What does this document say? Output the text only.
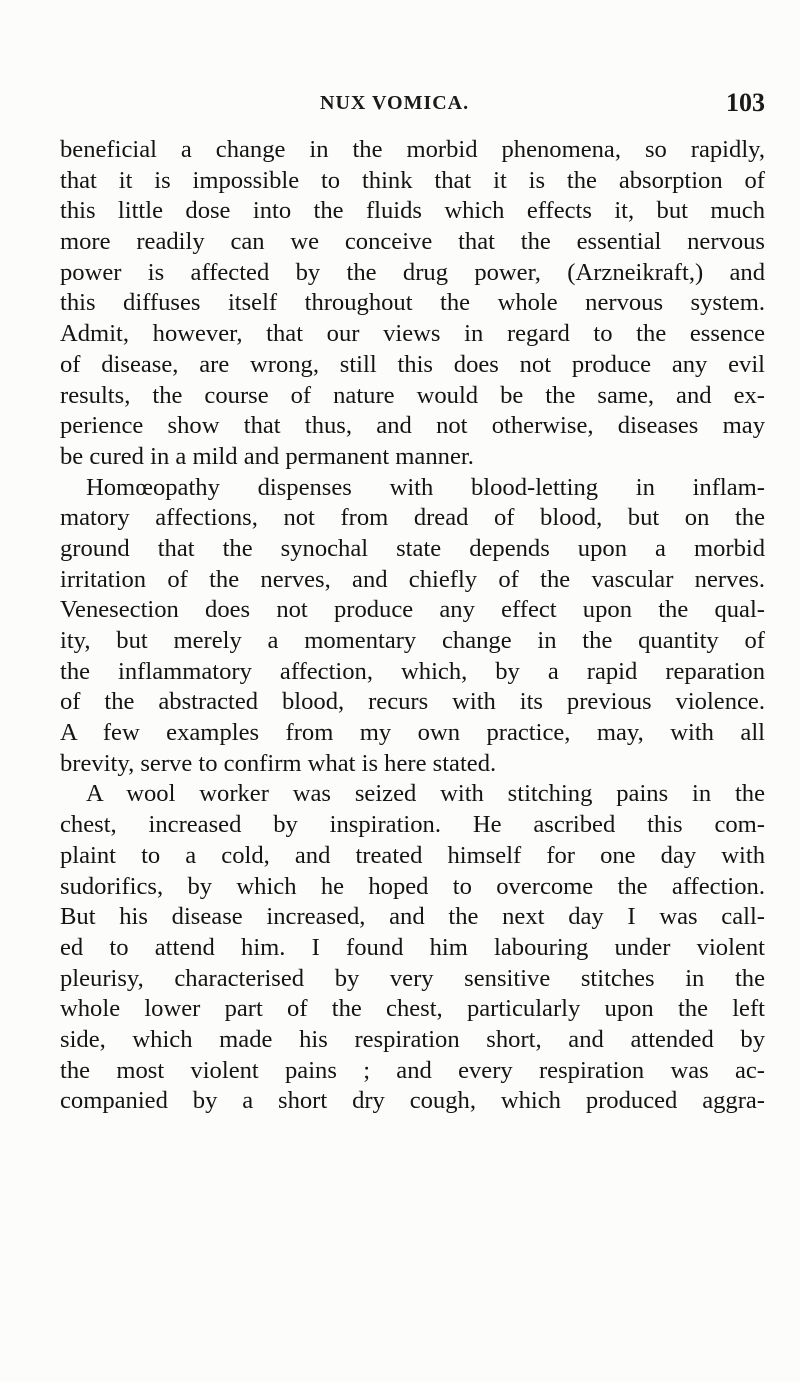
NUX VOMICA.	103
beneficial a change in the morbid phenomena, so rapidly,
that it is impossible to think that it is the absorption of
this little dose into the fluids which effects it, but much
more readily can we conceive that the essential nervous
power is affected by the drug power, (Arzneikraft,) and
this diffuses itself throughout the whole nervous system.
Admit, however, that our views in regard to the essence
of disease, are wrong, still this does not produce any evil
results, the course of nature would be the same, and ex-
perience show that thus, and not otherwise, diseases may
be cured in a mild and permanent manner.
Homœopathy dispenses with blood-letting in inflam-
matory affections, not from dread of blood, but on the
ground that the synochal state depends upon a morbid
irritation of the nerves, and chiefly of the vascular nerves.
Venesection does not produce any effect upon the qual-
ity, but merely a momentary change in the quantity of
the inflammatory affection, which, by a rapid reparation
of the abstracted blood, recurs with its previous violence.
A few examples from my own practice, may, with all
brevity, serve to confirm what is here stated.
A wool worker was seized with stitching pains in the
chest, increased by inspiration. He ascribed this com-
plaint to a cold, and treated himself for one day with
sudorifics, by which he hoped to overcome the affection.
But his disease increased, and the next day I was call-
ed to attend him. I found him labouring under violent
pleurisy, characterised by very sensitive stitches in the
whole lower part of the chest, particularly upon the left
side, which made his respiration short, and attended by
the most violent pains ; and every respiration was ac-
companied by a short dry cough, which produced aggra-
